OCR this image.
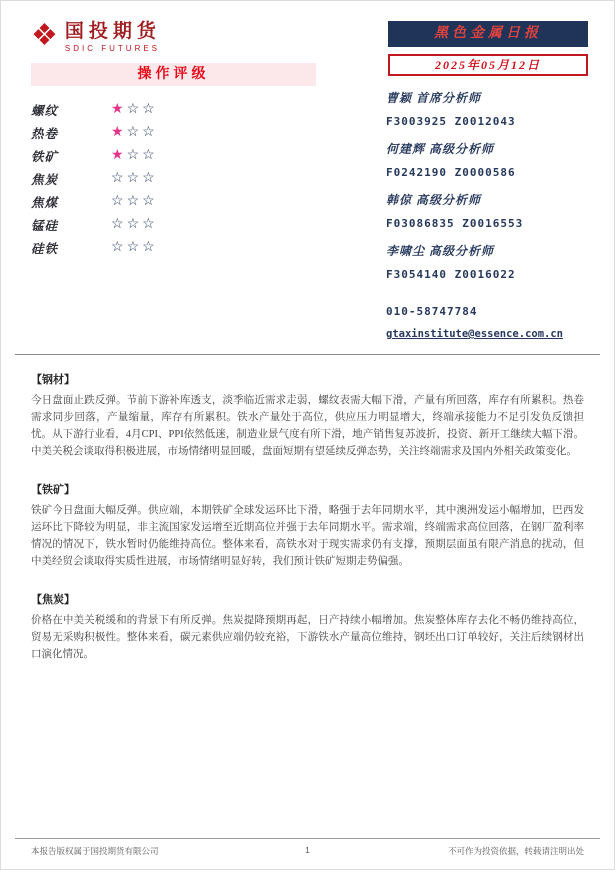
❖ 国投期货
SDIC FUTURES
黑色金属日报
2025年05月12日
操作评级
螺纹	★ ☆ ☆
热卷	★ ☆ ☆
铁矿	★ ☆ ☆
焦炭	☆ ☆ ☆
焦煤	☆ ☆ ☆
锰硅	☆ ☆ ☆
硅铁	☆ ☆ ☆
曹颖 首席分析师
F3003925 Z0012043
何建辉 高级分析师
F0242190 Z0000586
韩倞 高级分析师
F03086835 Z0016553
李啸尘 高级分析师
F3054140 Z0016022
010-58747784
gtaxinstitute@essence.com.cn
【钢材】
今日盘面止跌反弹。节前下游补库透支，淡季临近需求走弱，螺纹表需大幅下滑，产量有所回落，库存有所累积。热卷需求同步回落，产量缩量，库存有所累积。铁水产量处于高位，供应压力明显增大，终端承接能力不足引发负反馈担忧。从下游行业看，4月CPI、PPI依然低迷，制造业景气度有所下滑，地产销售复苏波折，投资、新开工继续大幅下滑。中美关税会谈取得积极进展，市场情绪明显回暖，盘面短期有望延续反弹态势，关注终端需求及国内外相关政策变化。
【铁矿】
铁矿今日盘面大幅反弹。供应端，本期铁矿全球发运环比下滑，略强于去年同期水平，其中澳洲发运小幅增加，巴西发运环比下降较为明显，非主流国家发运增至近期高位并强于去年同期水平。需求端，终端需求高位回落，在钢厂盈利率情况的情况下，铁水暂时仍能维持高位。整体来看，高铁水对于现实需求仍有支撑，预期层面虽有限产消息的扰动，但中美经贸会谈取得实质性进展，市场情绪明显好转，我们预计铁矿短期走势偏强。
【焦炭】
价格在中美关税缓和的背景下有所反弹。焦炭提降预期再起，日产持续小幅增加。焦炭整体库存去化不畅仍维持高位，贸易无采购积极性。整体来看，碳元素供应端仍较充裕，下游铁水产量高位维持，钢坯出口订单较好，关注后续钢材出口演化情况。
本报告版权属于国投期货有限公司	1	不可作为投资依据，转载请注明出处
